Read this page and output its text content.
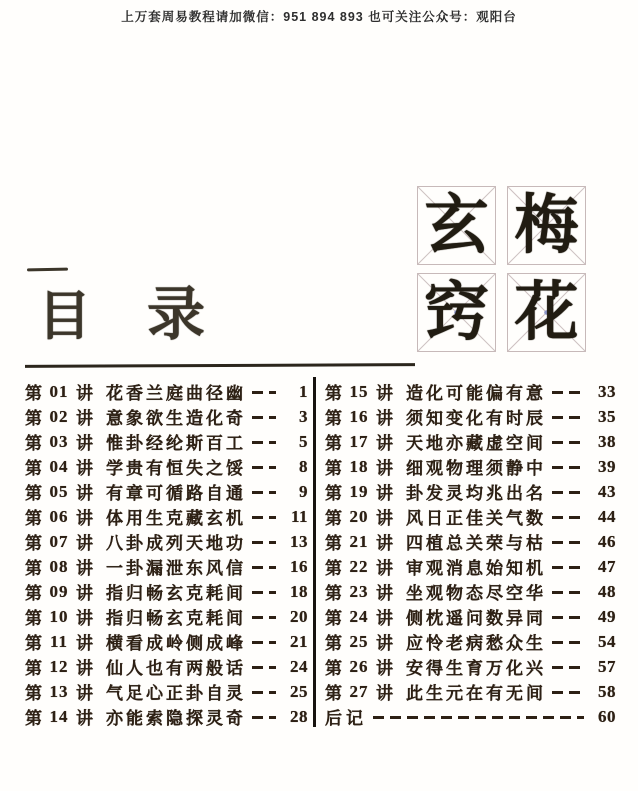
上万套周易教程请加微信：951 894 893 也可关注公众号：观阳台
目 录
玄 梅
窍 花
第 01 讲 花香兰庭曲径幽	1
第 02 讲 意象欲生造化奇	3
第 03 讲 惟卦经纶斯百工	5
第 04 讲 学贵有恒失之馁	8
第 05 讲 有章可循路自通	9
第 06 讲 体用生克藏玄机	11
第 07 讲 八卦成列天地功	13
第 08 讲 一卦漏泄东风信	16
第 09 讲 指归畅玄克耗间	18
第 10 讲 指归畅玄克耗间	20
第 11 讲 横看成岭侧成峰	21
第 12 讲 仙人也有两般话	24
第 13 讲 气足心正卦自灵	25
第 14 讲 亦能索隐探灵奇	28
第 15 讲 造化可能偏有意	33
第 16 讲 须知变化有时辰	35
第 17 讲 天地亦藏虚空间	38
第 18 讲 细观物理须静中	39
第 19 讲 卦发灵均兆出名	43
第 20 讲 风日正佳关气数	44
第 21 讲 四植总关荣与枯	46
第 22 讲 审观消息始知机	47
第 23 讲 坐观物态尽空华	48
第 24 讲 侧枕遥问数异同	49
第 25 讲 应怜老病愁众生	54
第 26 讲 安得生育万化兴	57
第 27 讲 此生元在有无间	58
后记	60
